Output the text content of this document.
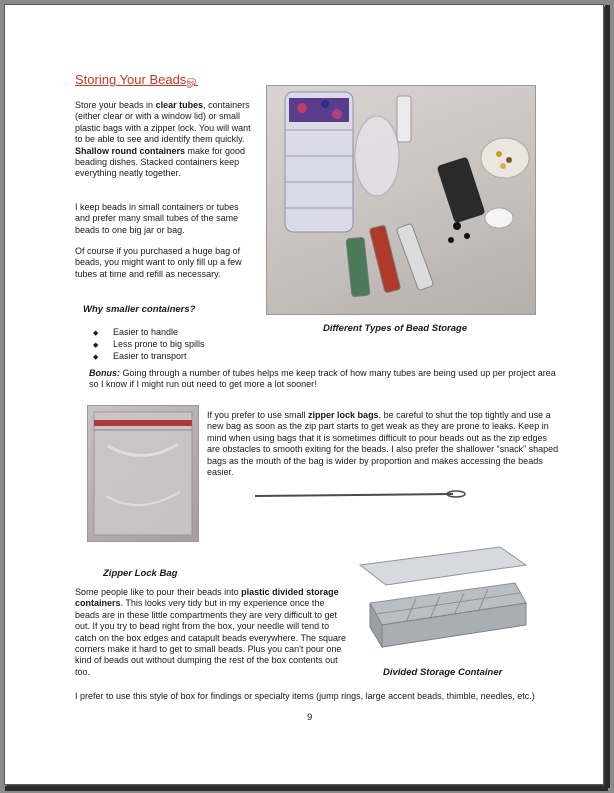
Storing Your Beadsௐ

Store your beads in clear tubes, containers (either clear or with a window lid) or small plastic bags with a zipper lock. You will want to be able to see and identify them quickly. Shallow round containers make for good beading dishes. Stacked containers keep everything neatly together.

I keep beads in small containers or tubes and prefer many small tubes of the same beads to one big jar or bag.

Of course if you purchased a huge bag of beads, you might want to only fill up a few tubes at time and refill as necessary.

Different Types of Bead Storage
Why smaller containers?
◆ Easier to handle
◆ Less prone to big spills
◆ Easier to transport

Bonus: Going through a number of tubes helps me keep track of how many tubes are being used up per project area so I know if I might run out need to get more a lot sooner!

Zipper Lock Bag

If you prefer to use small zipper lock bags, be careful to shut the top tightly and use a new bag as soon as the zip part starts to get weak as they are prone to leaks. Keep in mind when using bags that it is sometimes difficult to pour beads out as the zip edges are obstacles to smooth exiting for the beads. I also prefer the shallower “snack” shaped bags as the mouth of the bag is wider by proportion and makes accessing the beads easier.

Divided Storage Container

Some people like to pour their beads into plastic divided storage containers. This looks very tidy but in my experience once the beads are in these little compartments they are very difficult to get out. If you try to bead right from the box, your needle will tend to catch on the box edges and catapult beads everywhere. The square corners make it hard to get to small beads. Plus you can't pour one kind of beads out without dumping the rest of the box contents out too.

I prefer to use this style of box for findings or specialty items (jump rings, large accent beads, thimble, needles, etc.)

9
